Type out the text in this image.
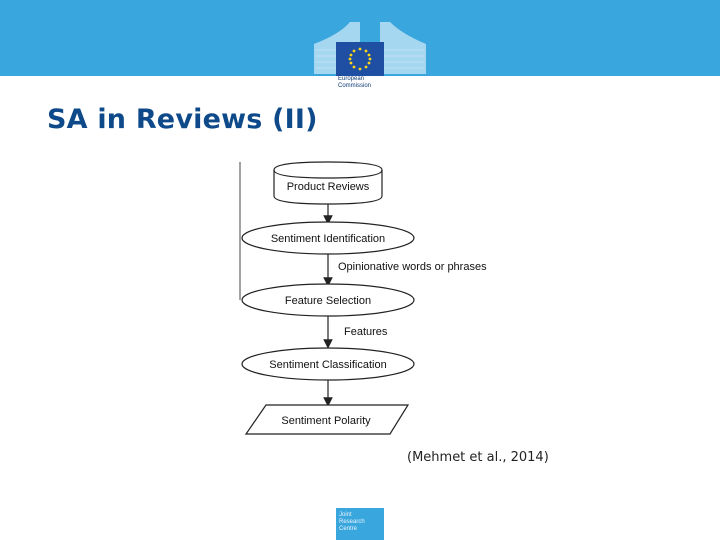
European
Commission
SA in Reviews (II)
Product Reviews
Sentiment Identification
Opinionative words or phrases
Feature Selection
Features
Sentiment Classification
Sentiment Polarity
(Mehmet et al., 2014)
Joint
Research
Centre
